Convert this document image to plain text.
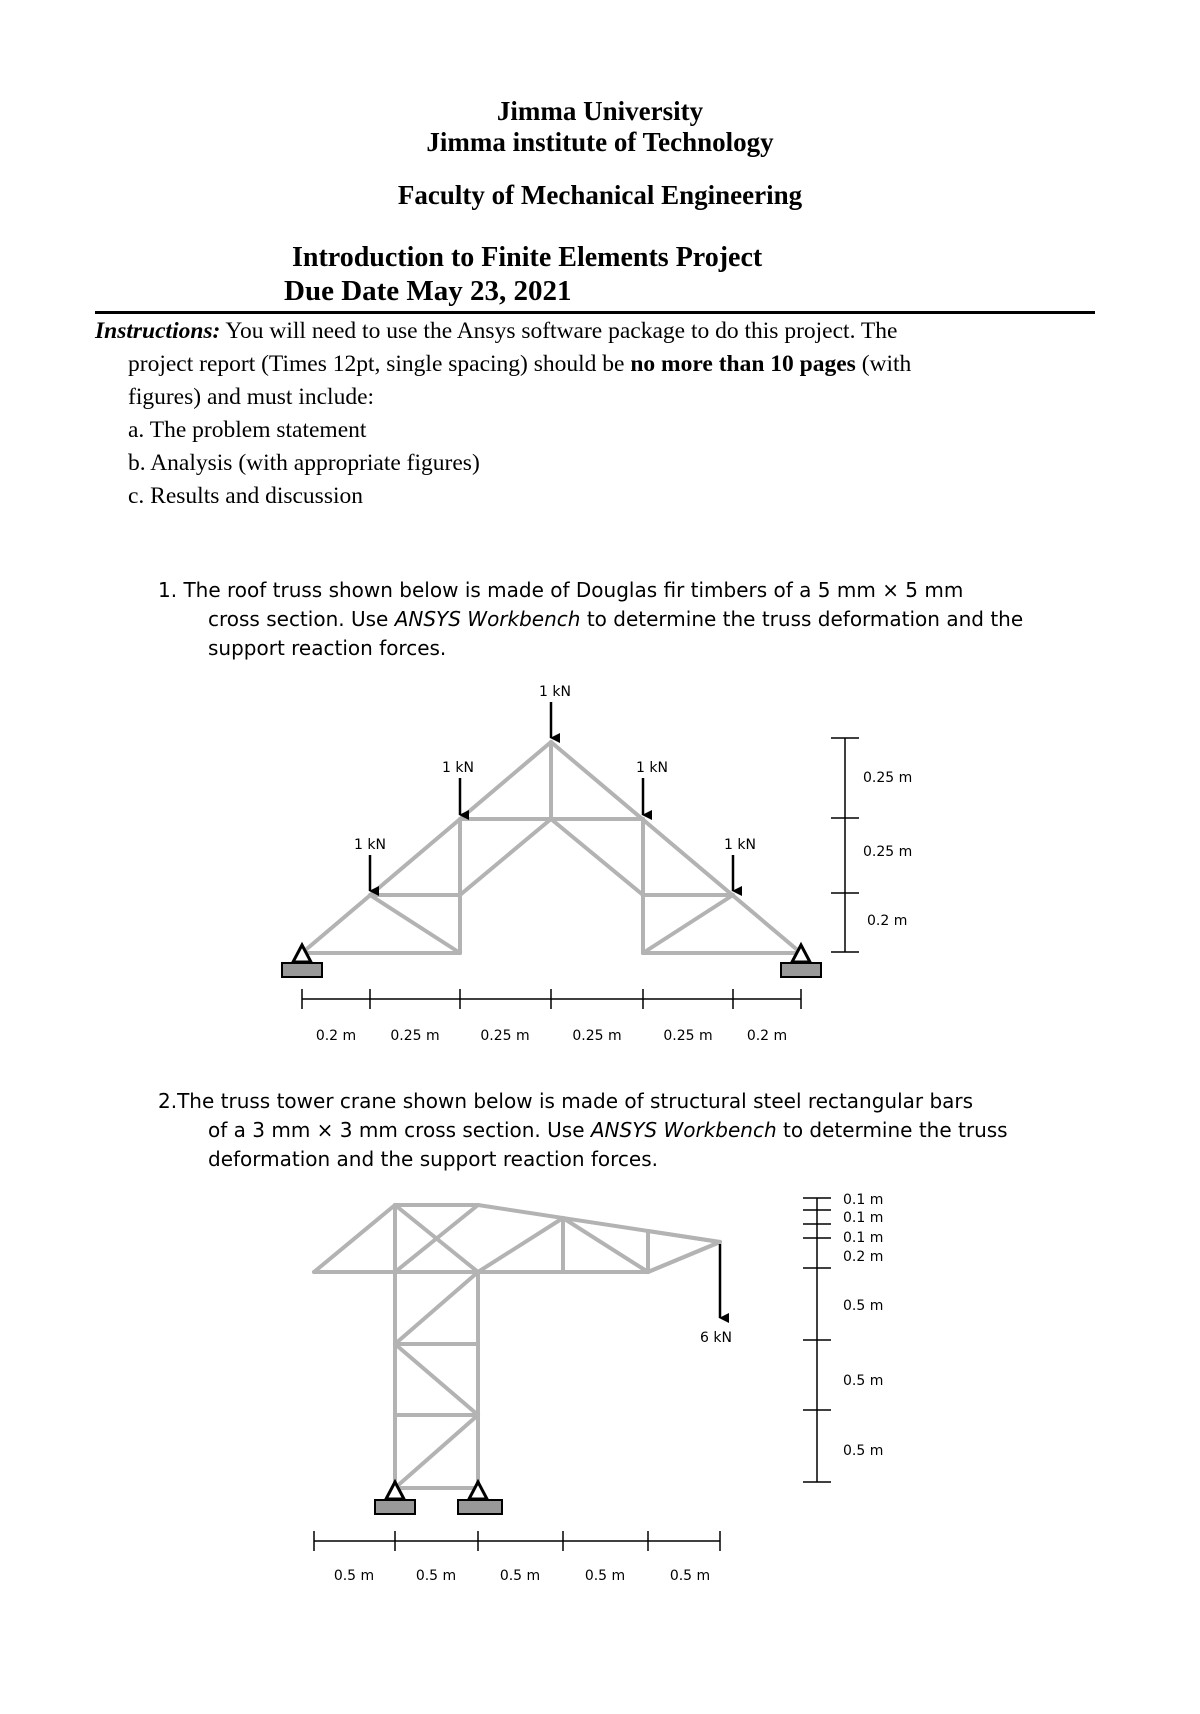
Jimma University
Jimma institute of Technology
Faculty of Mechanical Engineering
Introduction to Finite Elements Project
Due Date May 23, 2021

Instructions: You will need to use the Ansys software package to do this project. The

project report (Times 12pt, single spacing) should be no more than 10 pages (with

figures) and must include:

a. The problem statement

b. Analysis (with appropriate figures)

c. Results and discussion

1. The roof truss shown below is made of Douglas fir timbers of a 5 mm × 5 mm

cross section. Use ANSYS Workbench to determine the truss deformation and the

support reaction forces.

2.The truss tower crane shown below is made of structural steel rectangular bars

of a 3 mm × 3 mm cross section. Use ANSYS Workbench to determine the truss

deformation and the support reaction forces.

1 kN
1 kN	1 kN
1 kN	1 kN
0.2 m 0.25 m	0.25 m	0.25 m	0.25 m 0.2 m
0.25 m
0.25 m
0.2 m
6 kN
0.5 m	0.5 m	0.5 m	0.5 m	0.5 m
0.1 m
0.1 m
0.1 m
0.2 m
0.5 m
0.5 m
0.5 m
